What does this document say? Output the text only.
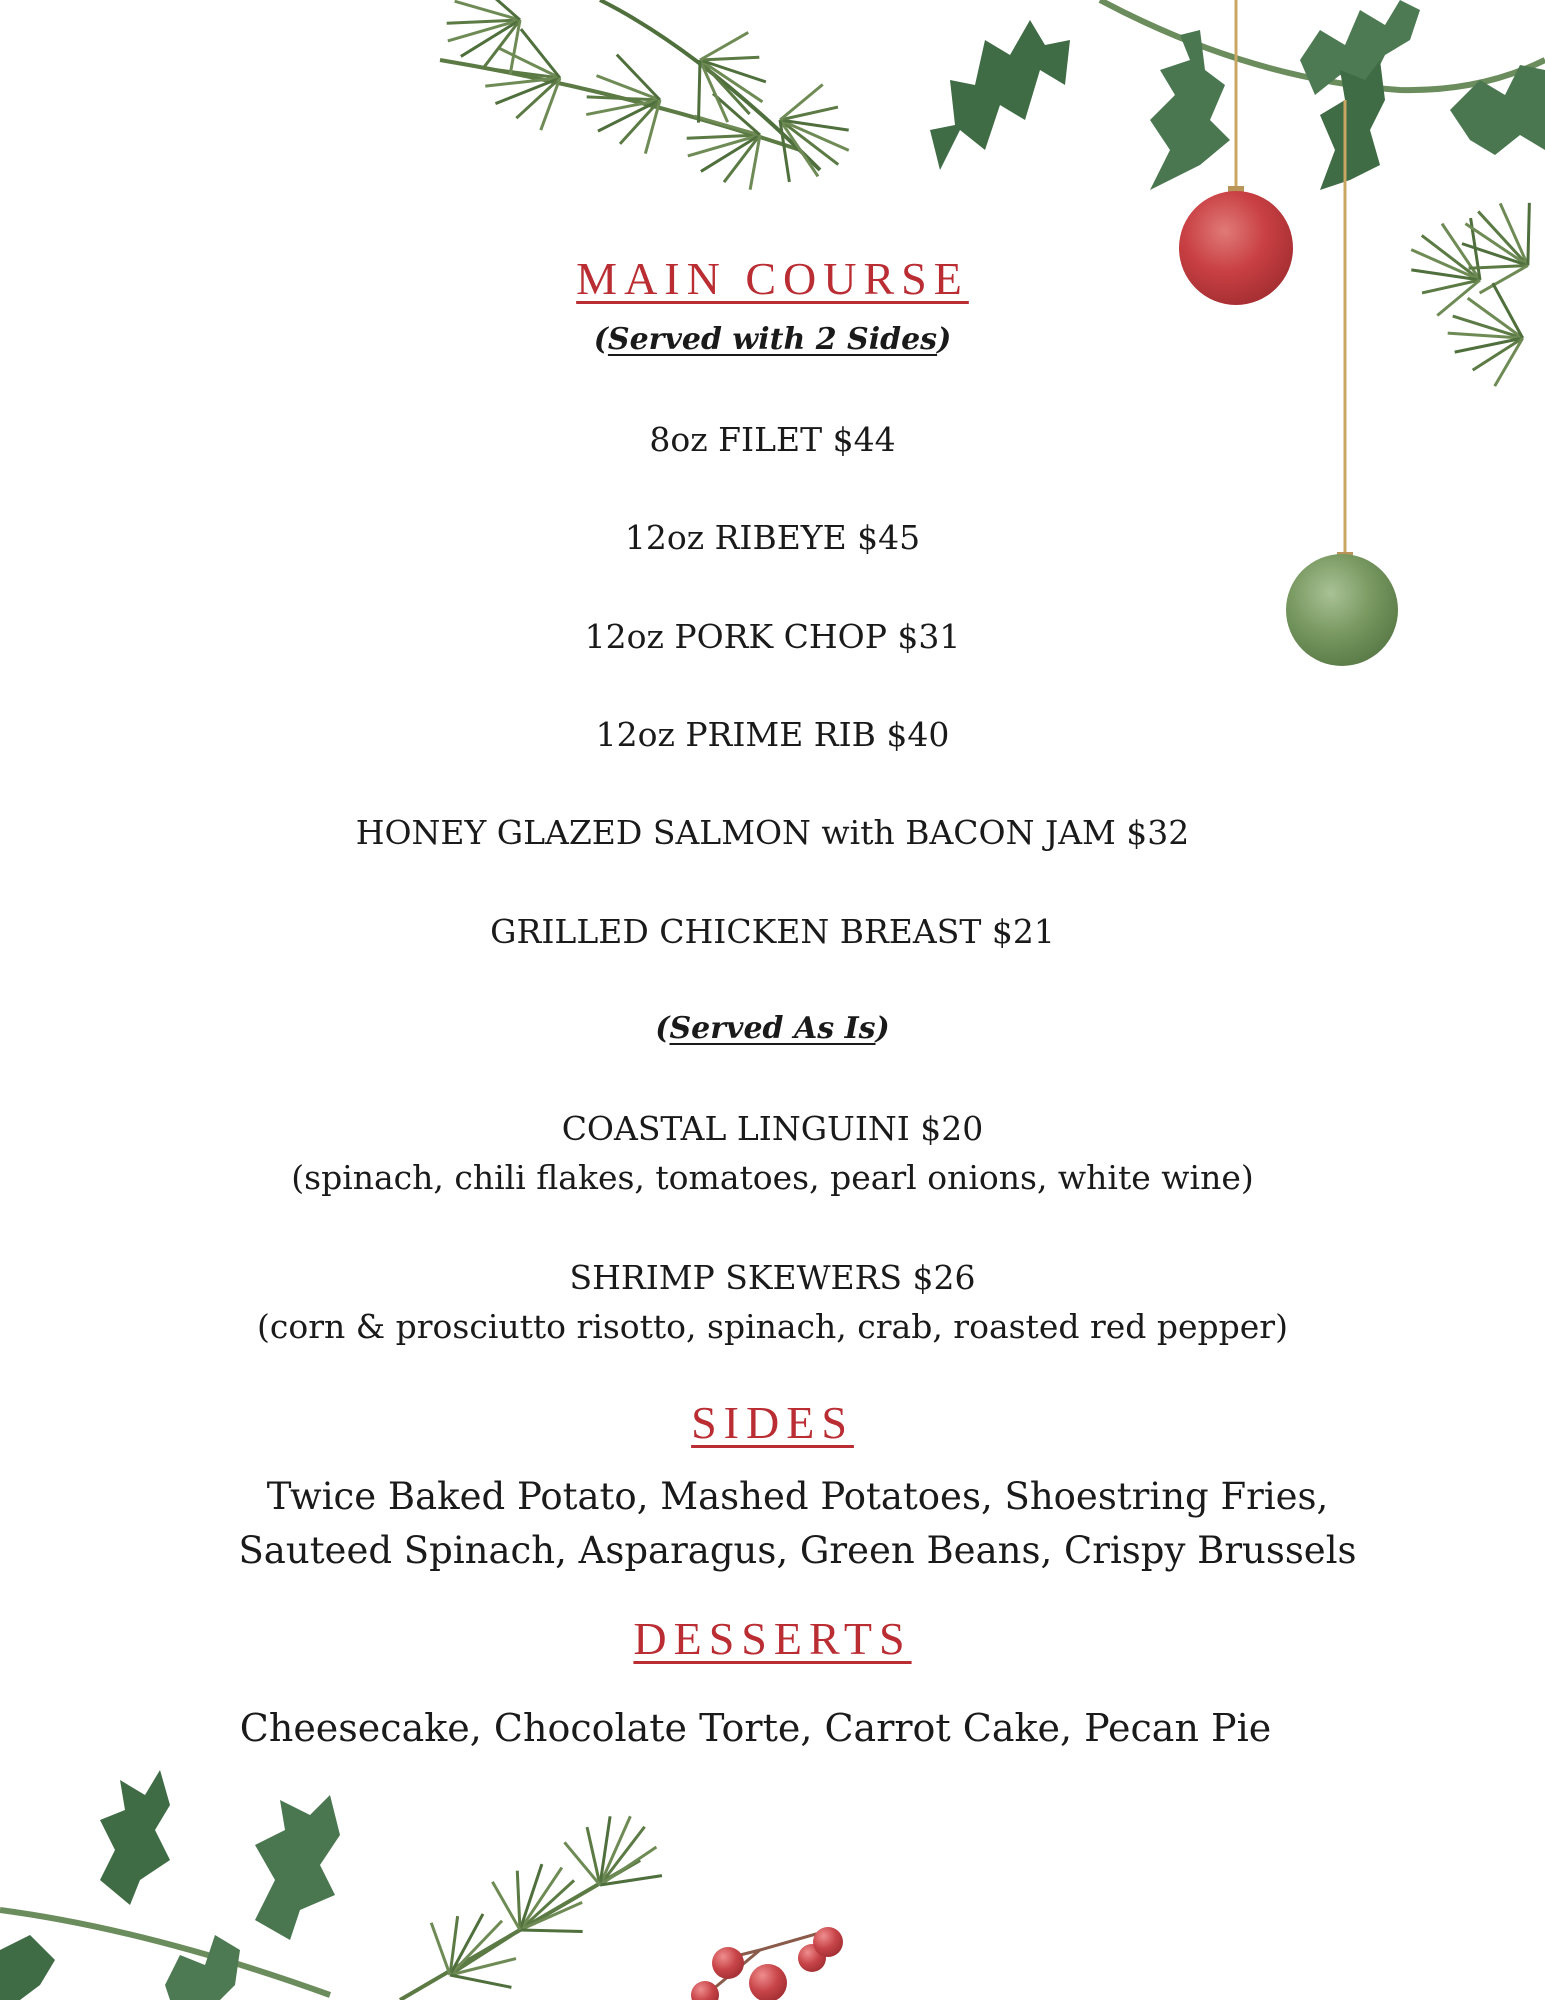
MAIN COURSE
(Served with 2 Sides)
8oz FILET $44
12oz RIBEYE $45
12oz PORK CHOP $31
12oz PRIME RIB $40
HONEY GLAZED SALMON with BACON JAM $32
GRILLED CHICKEN BREAST $21
(Served As Is)
COASTAL LINGUINI $20
(spinach, chili flakes, tomatoes, pearl onions, white wine)
SHRIMP SKEWERS $26
(corn & prosciutto risotto, spinach, crab, roasted red pepper)
SIDES
Twice Baked Potato, Mashed Potatoes, Shoestring Fries,
Sauteed Spinach, Asparagus, Green Beans, Crispy Brussels
DESSERTS
Cheesecake, Chocolate Torte, Carrot Cake, Pecan Pie
